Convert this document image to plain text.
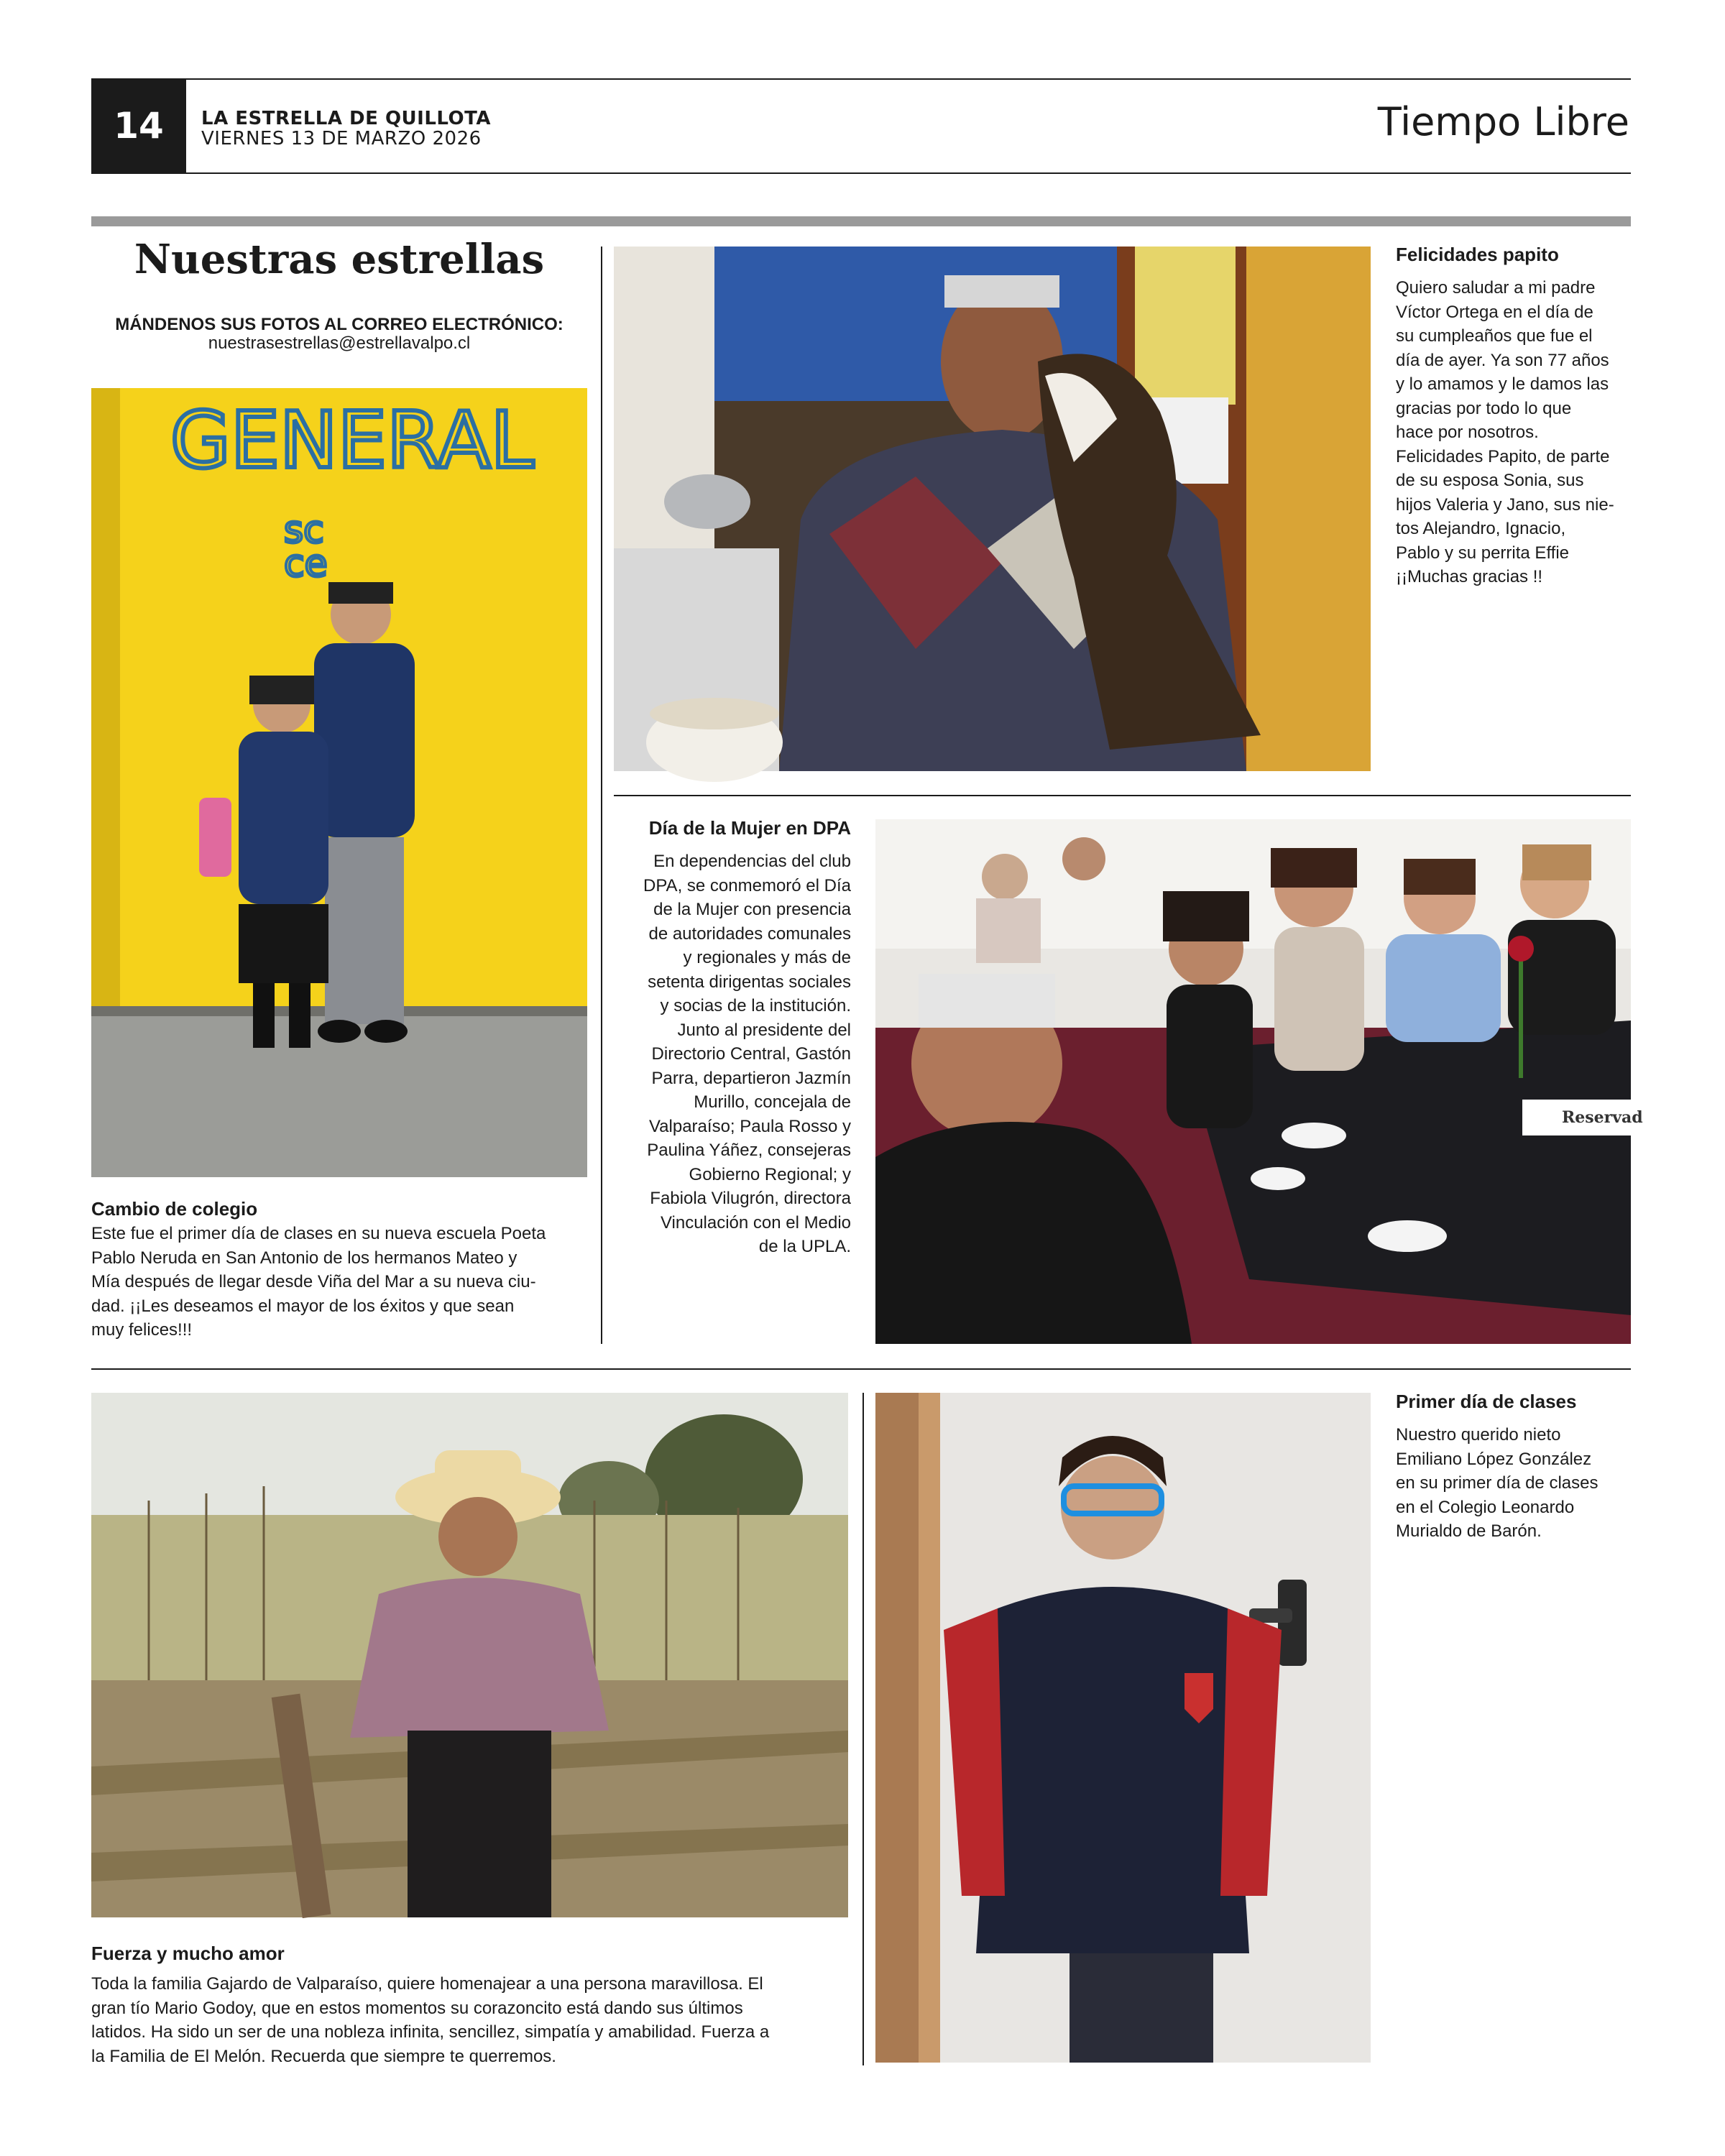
14	LA ESTRELLA DE QUILLOTA
VIERNES 13 DE MARZO 2026	Tiempo Libre
Nuestras estrellas
MÁNDENOS SUS FOTOS AL CORREO ELECTRÓNICO:
nuestrasestrellas@estrellavalpo.cl
GENERAL
sc
ce
Cambio de colegio

Este fue el primer día de clases en su nueva escuela Poeta

Pablo Neruda en San Antonio de los hermanos Mateo y

Mía después de llegar desde Viña del Mar a su nueva ciu-

dad. ¡¡Les deseamos el mayor de los éxitos y que sean

muy felices!!!

Felicidades papito

Quiero saludar a mi padre

Víctor Ortega en el día de

su cumpleaños que fue el

día de ayer. Ya son 77 años

y lo amamos y le damos las

gracias por todo lo que

hace por nosotros.

Felicidades Papito, de parte

de su esposa Sonia, sus

hijos Valeria y Jano, sus nie-

tos Alejandro, Ignacio,

Pablo y su perrita Effie

¡¡Muchas gracias !!

Día de la Mujer en DPA

En dependencias del club

DPA, se conmemoró el Día

de la Mujer con presencia

de autoridades comunales

y regionales y más de

setenta dirigentas sociales

y socias de la institución.

Junto al presidente del

Directorio Central, Gastón

Parra, departieron Jazmín

Murillo, concejala de

Valparaíso; Paula Rosso y

Paulina Yáñez, consejeras

Gobierno Regional; y

Fabiola Vilugrón, directora

Vinculación con el Medio

de la UPLA.

Reservad
Fuerza y mucho amor

Toda la familia Gajardo de Valparaíso, quiere homenajear a una persona maravillosa. El

gran tío Mario Godoy, que en estos momentos su corazoncito está dando sus últimos

latidos. Ha sido un ser de una nobleza infinita, sencillez, simpatía y amabilidad. Fuerza a

la Familia de El Melón. Recuerda que siempre te querremos.

Primer día de clases

Nuestro querido nieto

Emiliano López González

en su primer día de clases

en el Colegio Leonardo

Murialdo de Barón.
